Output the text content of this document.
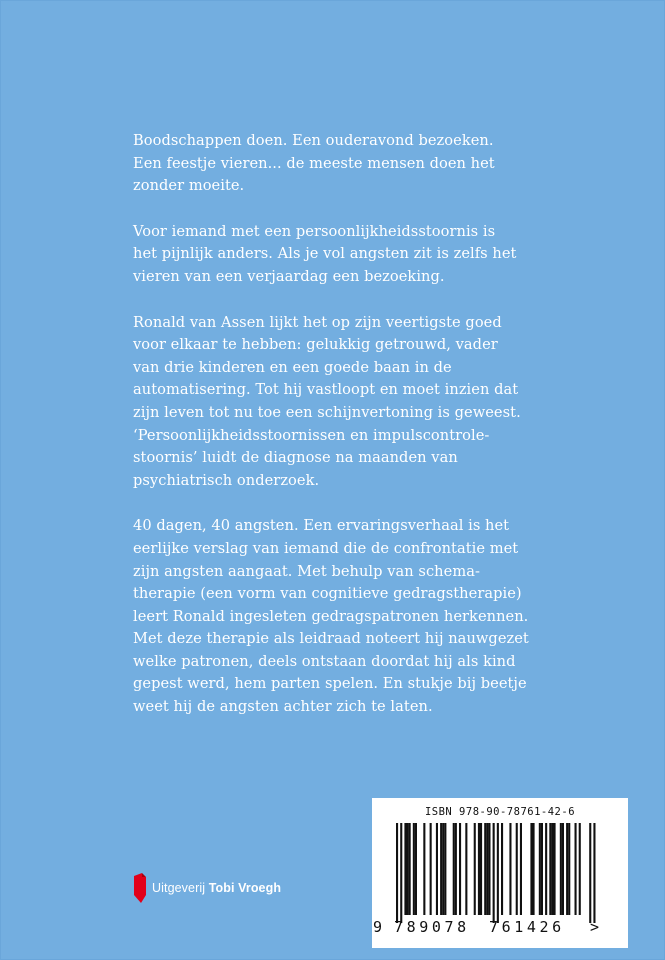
Boodschappen doen. Een ouderavond bezoeken.
Een feestje vieren... de meeste mensen doen het
zonder moeite.

Voor iemand met een persoonlijkheidsstoornis is
het pijnlijk anders. Als je vol angsten zit is zelfs het
vieren van een verjaardag een bezoeking.

Ronald van Assen lijkt het op zijn veertigste goed
voor elkaar te hebben: gelukkig getrouwd, vader
van drie kinderen en een goede baan in de
automatisering. Tot hij vastloopt en moet inzien dat
zijn leven tot nu toe een schijnvertoning is geweest.
‘Persoonlijkheidsstoornissen en impulscontrole-
stoornis’ luidt de diagnose na maanden van
psychiatrisch onderzoek.

40 dagen, 40 angsten. Een ervaringsverhaal is het
eerlijke verslag van iemand die de confrontatie met
zijn angsten aangaat. Met behulp van schema-
therapie (een vorm van cognitieve gedragstherapie)
leert Ronald ingesleten gedragspatronen herkennen.
Met deze therapie als leidraad noteert hij nauwgezet
welke patronen, deels ontstaan doordat hij als kind
gepest werd, hem parten spelen. En stukje bij beetje
weet hij de angsten achter zich te laten.

Uitgeverij Tobi Vroegh
ISBN 978-90-78761-42-6
9 789078 761426 >
